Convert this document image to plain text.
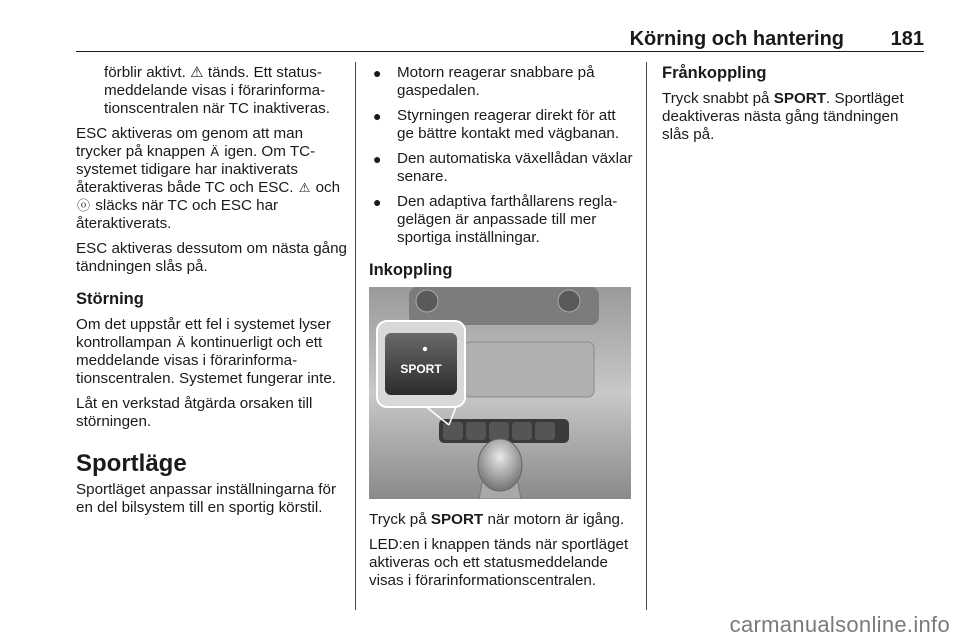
Körning och hantering 181

förblir aktivt. ⚠ tänds. Ett statusmeddelande visas i förarinformationscentralen när TC inaktiveras.

ESC aktiveras om genom att man trycker på knappen Ä igen. Om TC-systemet tidigare har inaktiverats återaktiveras både TC och ESC. ⚠ och ⓞ släcks när TC och ESC har återaktiverats.

ESC aktiveras dessutom om nästa gång tändningen slås på.

Störning

Om det uppstår ett fel i systemet lyser kontrollampan Ä kontinuerligt och ett meddelande visas i förarinformationscentralen. Systemet fungerar inte.

Låt en verkstad åtgärda orsaken till störningen.

Sportläge

Sportläget anpassar inställningarna för en del bilsystem till en sportig körstil.

● Motorn reagerar snabbare på gaspedalen.
● Styrningen reagerar direkt för att ge bättre kontakt med vägbanan.
● Den automatiska växellådan växlar senare.
● Den adaptiva farthållarens reglagelägen är anpassade till mer sportiga inställningar.
Inkoppling
SPORT

Tryck på SPORT när motorn är igång.

LED:en i knappen tänds när sportläget aktiveras och ett statusmeddelande visas i förarinformationscentralen.

Frånkoppling

Tryck snabbt på SPORT. Sportläget deaktiveras nästa gång tändningen slås på.

carmanualsonline.info
